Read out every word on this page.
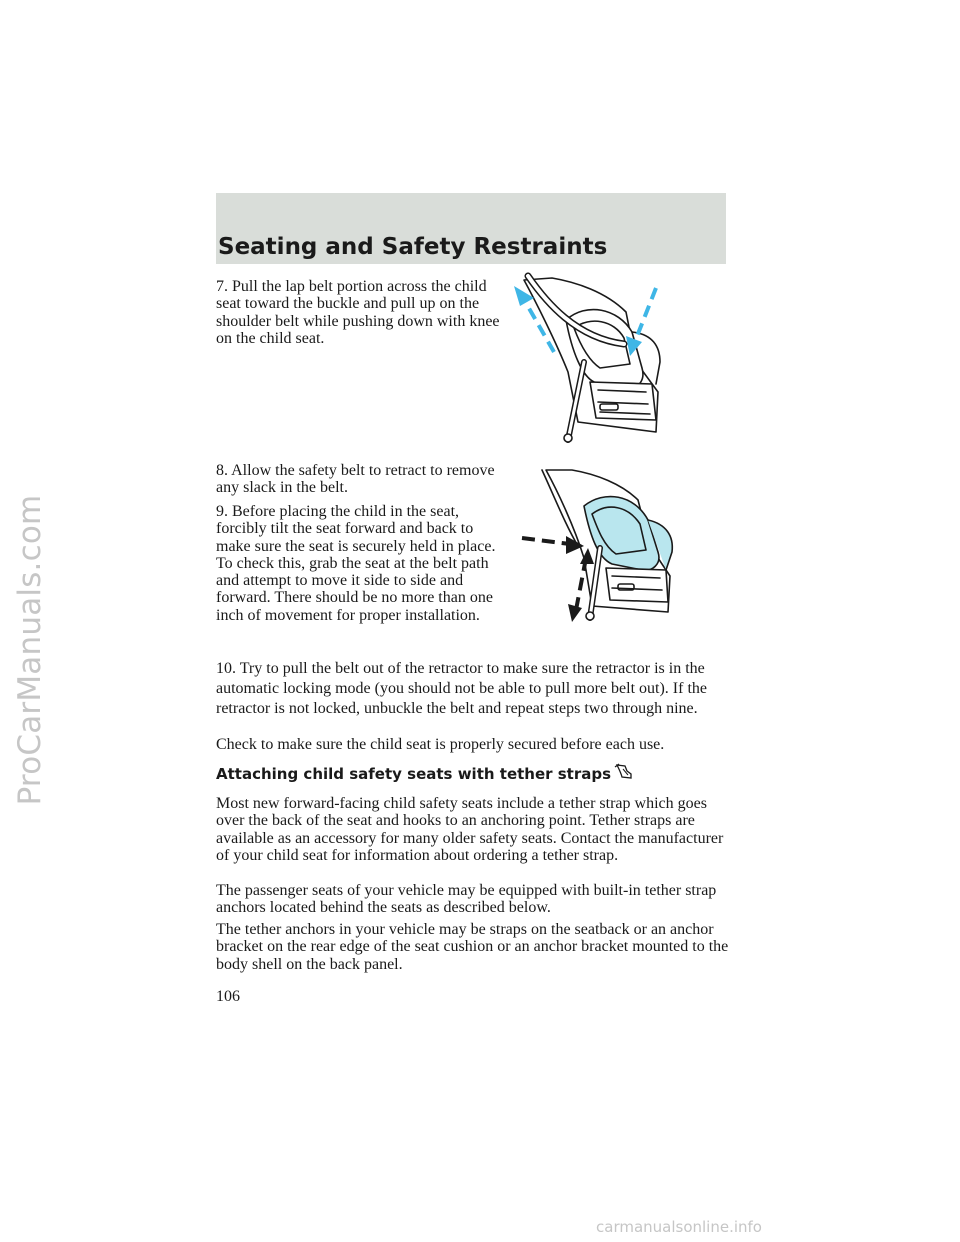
ProCarManuals.com
Seating and Safety Restraints

7. Pull the lap belt portion across the child seat toward the buckle and pull up on the shoulder belt while pushing down with knee on the child seat.

8. Allow the safety belt to retract to remove any slack in the belt.

9. Before placing the child in the seat, forcibly tilt the seat forward and back to make sure the seat is securely held in place. To check this, grab the seat at the belt path and attempt to move it side to side and forward. There should be no more than one inch of movement for proper installation.

10. Try to pull the belt out of the retractor to make sure the retractor is in the automatic locking mode (you should not be able to pull more belt out). If the retractor is not locked, unbuckle the belt and repeat steps two through nine.

Check to make sure the child seat is properly secured before each use.

Attaching child safety seats with tether straps

Most new forward-facing child safety seats include a tether strap which goes over the back of the seat and hooks to an anchoring point. Tether straps are available as an accessory for many older safety seats. Contact the manufacturer of your child seat for information about ordering a tether strap.

The passenger seats of your vehicle may be equipped with built-in tether strap anchors located behind the seats as described below.

The tether anchors in your vehicle may be straps on the seatback or an anchor bracket on the rear edge of the seat cushion or an anchor bracket mounted to the body shell on the back panel.

106

carmanualsonline.info
